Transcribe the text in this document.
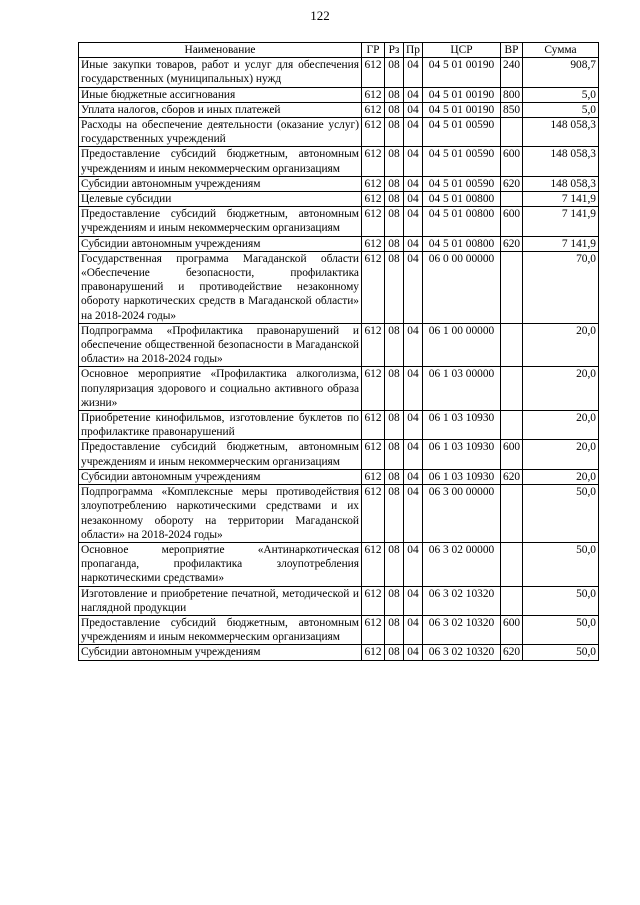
122
Наименование	ГР	Рз	Пр	ЦСР	ВР	Сумма
Иные закупки товаров, работ и услуг для обеспечения государственных (муниципальных) нужд	612	08	04	04 5 01 00190	240	908,7
Иные бюджетные ассигнования	612	08	04	04 5 01 00190	800	5,0
Уплата налогов, сборов и иных платежей	612	08	04	04 5 01 00190	850	5,0
Расходы на обеспечение деятельности (оказание услуг) государственных учреждений	612	08	04	04 5 01 00590		148 058,3
Предоставление субсидий бюджетным, автономным учреждениям и иным некоммерческим организациям	612	08	04	04 5 01 00590	600	148 058,3
Субсидии автономным учреждениям	612	08	04	04 5 01 00590	620	148 058,3
Целевые субсидии	612	08	04	04 5 01 00800		7 141,9
Предоставление субсидий бюджетным, автономным учреждениям и иным некоммерческим организациям	612	08	04	04 5 01 00800	600	7 141,9
Субсидии автономным учреждениям	612	08	04	04 5 01 00800	620	7 141,9
Государственная программа Магаданской области «Обеспечение безопасности, профилактика правонарушений и противодействие незаконному обороту наркотических средств в Магаданской области» на 2018-2024 годы»	612	08	04	06 0 00 00000		70,0
Подпрограмма «Профилактика правонарушений и обеспечение общественной безопасности в Магаданской области» на 2018-2024 годы»	612	08	04	06 1 00 00000		20,0
Основное мероприятие «Профилактика алкоголизма, популяризация здорового и социально активного образа жизни»	612	08	04	06 1 03 00000		20,0
Приобретение кинофильмов, изготовление буклетов по профилактике правонарушений	612	08	04	06 1 03 10930		20,0
Предоставление субсидий бюджетным, автономным учреждениям и иным некоммерческим организациям	612	08	04	06 1 03 10930	600	20,0
Субсидии автономным учреждениям	612	08	04	06 1 03 10930	620	20,0
Подпрограмма «Комплексные меры противодействия злоупотреблению наркотическими средствами и их незаконному обороту на территории Магаданской области» на 2018-2024 годы»	612	08	04	06 3 00 00000		50,0
Основное мероприятие «Антинаркотическая пропаганда, профилактика злоупотребления наркотическими средствами»	612	08	04	06 3 02 00000		50,0
Изготовление и приобретение печатной, методической и наглядной продукции	612	08	04	06 3 02 10320		50,0
Предоставление субсидий бюджетным, автономным учреждениям и иным некоммерческим организациям	612	08	04	06 3 02 10320	600	50,0
Субсидии автономным учреждениям	612	08	04	06 3 02 10320	620	50,0
